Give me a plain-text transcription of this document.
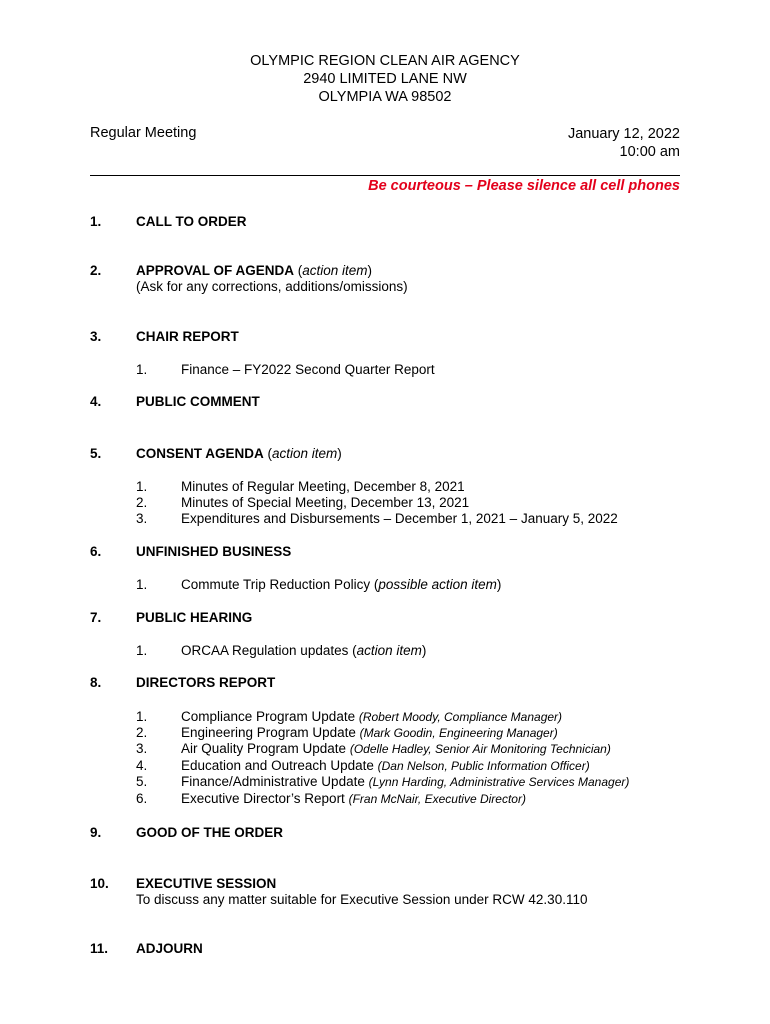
OLYMPIC REGION CLEAN AIR AGENCY
2940 LIMITED LANE NW
OLYMPIA WA 98502
Regular Meeting	January 12, 2022
10:00 am
Be courteous – Please silence all cell phones
1.	CALL TO ORDER
2.	APPROVAL OF AGENDA (action item)
(Ask for any corrections, additions/omissions)
3.	CHAIR REPORT
1. Finance – FY2022 Second Quarter Report
4.	PUBLIC COMMENT
5.	CONSENT AGENDA (action item)
1. Minutes of Regular Meeting, December 8, 2021
2. Minutes of Special Meeting, December 13, 2021
3. Expenditures and Disbursements – December 1, 2021 – January 5, 2022
6.	UNFINISHED BUSINESS
1. Commute Trip Reduction Policy (possible action item)
7.	PUBLIC HEARING
1. ORCAA Regulation updates (action item)
8.	DIRECTORS REPORT
1. Compliance Program Update (Robert Moody, Compliance Manager)
2. Engineering Program Update (Mark Goodin, Engineering Manager)
3. Air Quality Program Update (Odelle Hadley, Senior Air Monitoring Technician)
4. Education and Outreach Update (Dan Nelson, Public Information Officer)
5. Finance/Administrative Update (Lynn Harding, Administrative Services Manager)
6. Executive Director’s Report (Fran McNair, Executive Director)
9.	GOOD OF THE ORDER
10. EXECUTIVE SESSION
To discuss any matter suitable for Executive Session under RCW 42.30.110
11. ADJOURN
